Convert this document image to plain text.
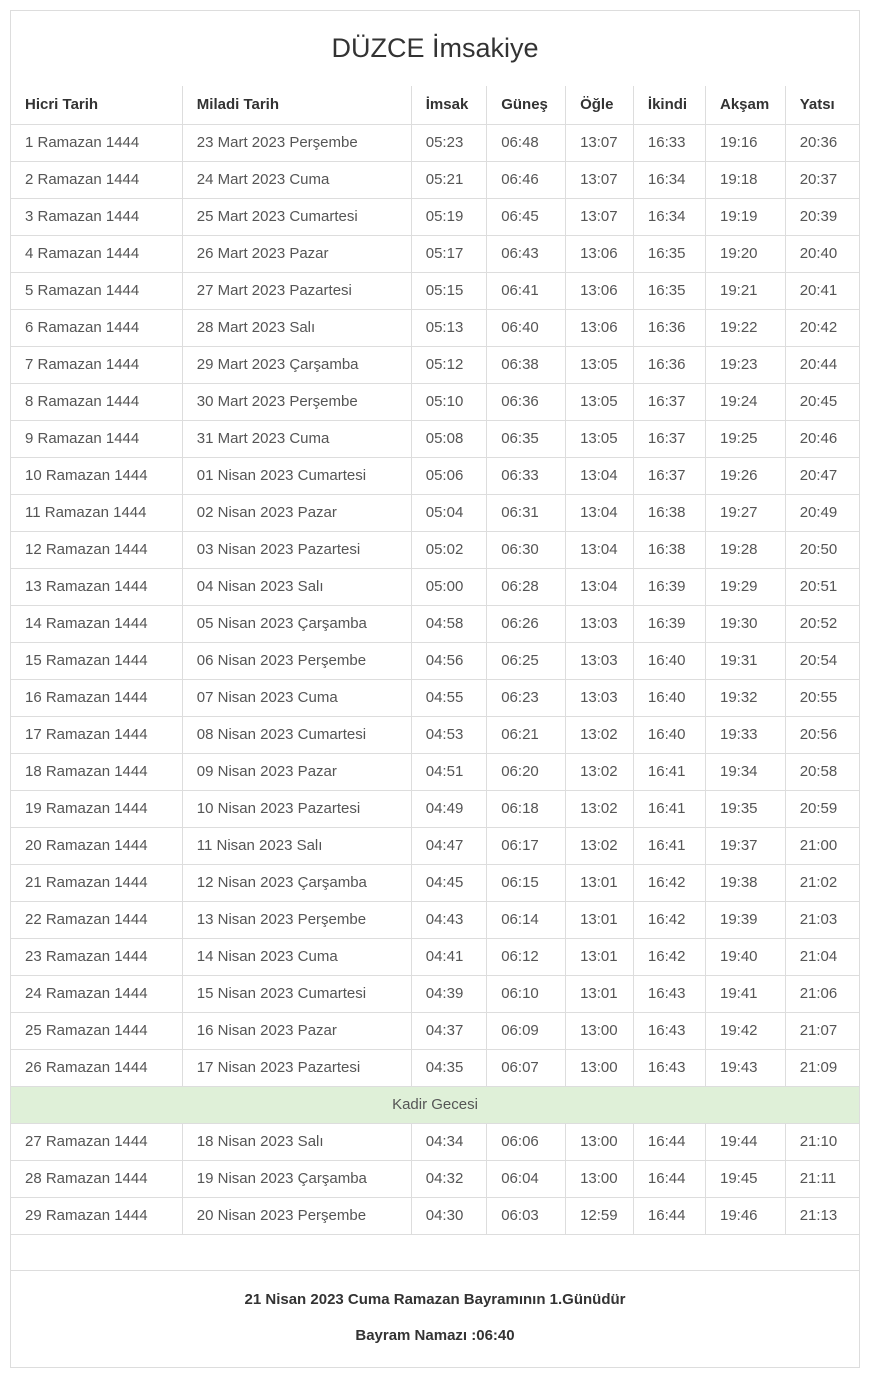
DÜZCE İmsakiye
Hicri Tarih	Miladi Tarih	İmsak	Güneş	Öğle	İkindi	Akşam	Yatsı
1 Ramazan 1444	23 Mart 2023 Perşembe	05:23	06:48	13:07	16:33	19:16	20:36
2 Ramazan 1444	24 Mart 2023 Cuma	05:21	06:46	13:07	16:34	19:18	20:37
3 Ramazan 1444	25 Mart 2023 Cumartesi	05:19	06:45	13:07	16:34	19:19	20:39
4 Ramazan 1444	26 Mart 2023 Pazar	05:17	06:43	13:06	16:35	19:20	20:40
5 Ramazan 1444	27 Mart 2023 Pazartesi	05:15	06:41	13:06	16:35	19:21	20:41
6 Ramazan 1444	28 Mart 2023 Salı	05:13	06:40	13:06	16:36	19:22	20:42
7 Ramazan 1444	29 Mart 2023 Çarşamba	05:12	06:38	13:05	16:36	19:23	20:44
8 Ramazan 1444	30 Mart 2023 Perşembe	05:10	06:36	13:05	16:37	19:24	20:45
9 Ramazan 1444	31 Mart 2023 Cuma	05:08	06:35	13:05	16:37	19:25	20:46
10 Ramazan 1444	01 Nisan 2023 Cumartesi	05:06	06:33	13:04	16:37	19:26	20:47
11 Ramazan 1444	02 Nisan 2023 Pazar	05:04	06:31	13:04	16:38	19:27	20:49
12 Ramazan 1444	03 Nisan 2023 Pazartesi	05:02	06:30	13:04	16:38	19:28	20:50
13 Ramazan 1444	04 Nisan 2023 Salı	05:00	06:28	13:04	16:39	19:29	20:51
14 Ramazan 1444	05 Nisan 2023 Çarşamba	04:58	06:26	13:03	16:39	19:30	20:52
15 Ramazan 1444	06 Nisan 2023 Perşembe	04:56	06:25	13:03	16:40	19:31	20:54
16 Ramazan 1444	07 Nisan 2023 Cuma	04:55	06:23	13:03	16:40	19:32	20:55
17 Ramazan 1444	08 Nisan 2023 Cumartesi	04:53	06:21	13:02	16:40	19:33	20:56
18 Ramazan 1444	09 Nisan 2023 Pazar	04:51	06:20	13:02	16:41	19:34	20:58
19 Ramazan 1444	10 Nisan 2023 Pazartesi	04:49	06:18	13:02	16:41	19:35	20:59
20 Ramazan 1444	11 Nisan 2023 Salı	04:47	06:17	13:02	16:41	19:37	21:00
21 Ramazan 1444	12 Nisan 2023 Çarşamba	04:45	06:15	13:01	16:42	19:38	21:02
22 Ramazan 1444	13 Nisan 2023 Perşembe	04:43	06:14	13:01	16:42	19:39	21:03
23 Ramazan 1444	14 Nisan 2023 Cuma	04:41	06:12	13:01	16:42	19:40	21:04
24 Ramazan 1444	15 Nisan 2023 Cumartesi	04:39	06:10	13:01	16:43	19:41	21:06
25 Ramazan 1444	16 Nisan 2023 Pazar	04:37	06:09	13:00	16:43	19:42	21:07
26 Ramazan 1444	17 Nisan 2023 Pazartesi	04:35	06:07	13:00	16:43	19:43	21:09
Kadir Gecesi							
27 Ramazan 1444	18 Nisan 2023 Salı	04:34	06:06	13:00	16:44	19:44	21:10
28 Ramazan 1444	19 Nisan 2023 Çarşamba	04:32	06:04	13:00	16:44	19:45	21:11
29 Ramazan 1444	20 Nisan 2023 Perşembe	04:30	06:03	12:59	16:44	19:46	21:13

21 Nisan 2023 Cuma Ramazan Bayramının 1.Günüdür

Bayram Namazı :06:40
